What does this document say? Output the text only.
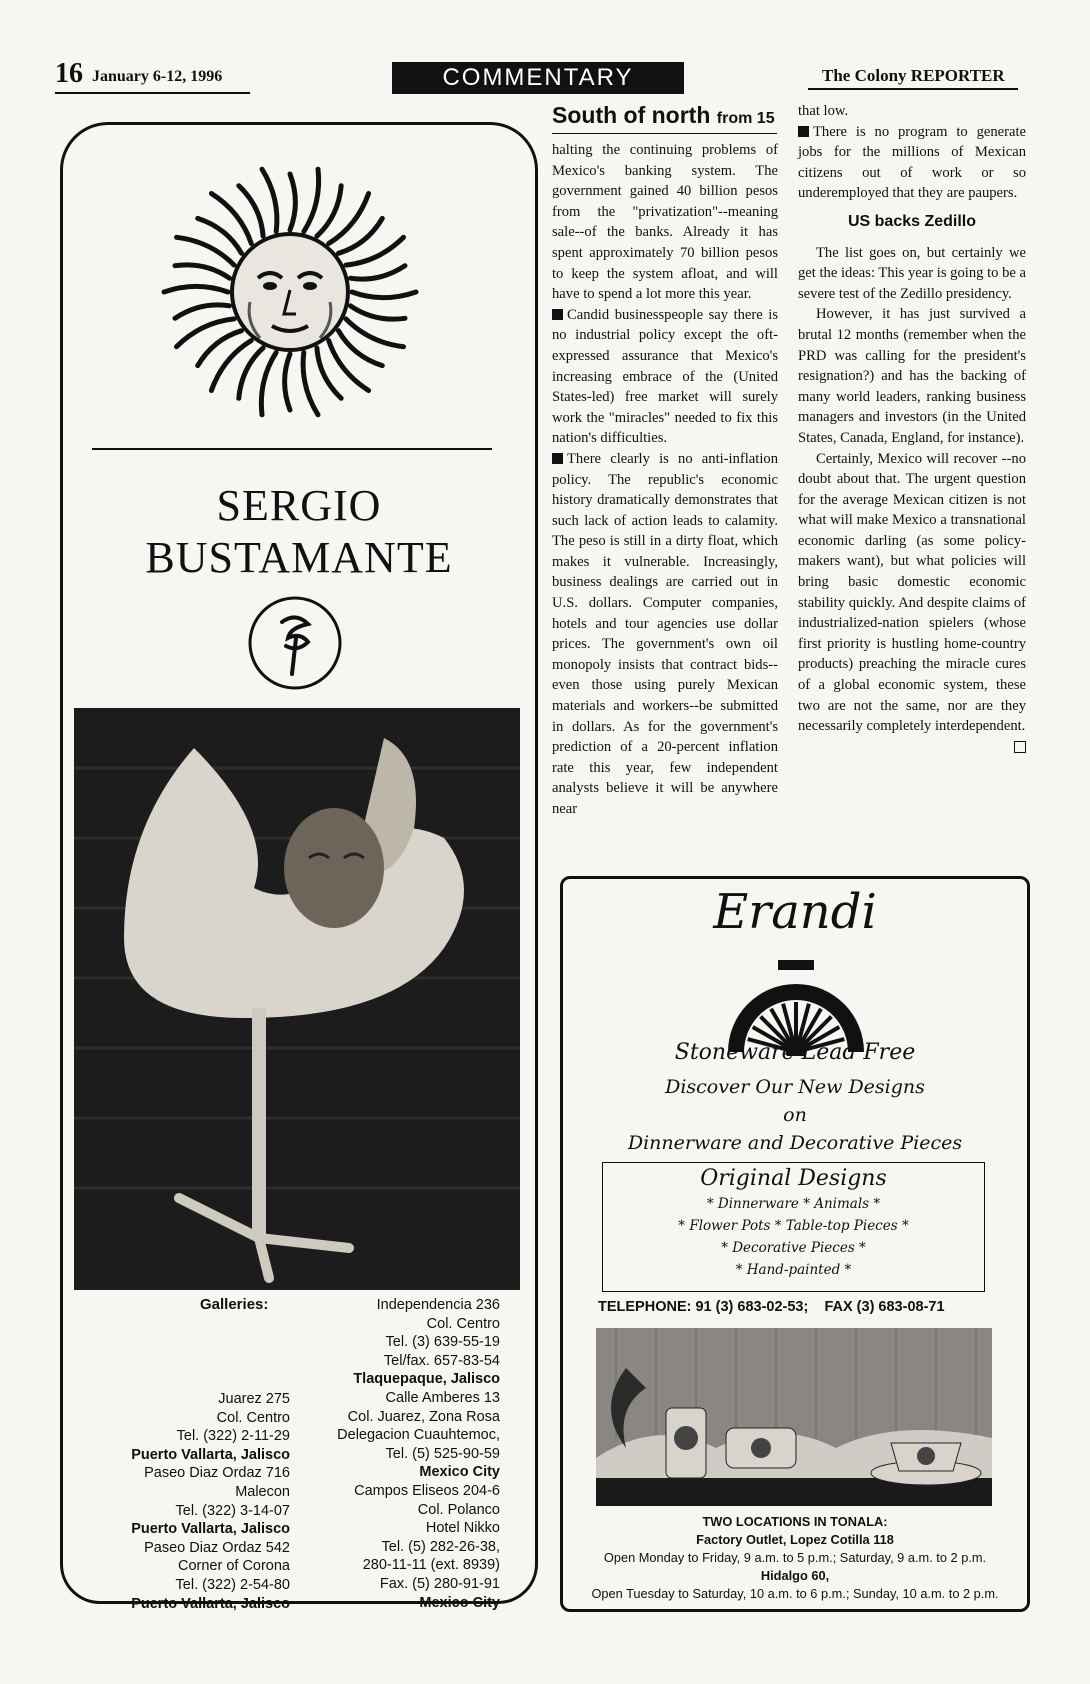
16 January 6-12, 1996	COMMENTARY	The Colony REPORTER
SERGIO
BUSTAMANTE
Galleries:
Juarez 275
Col. Centro
Tel. (322) 2-11-29
Puerto Vallarta, Jalisco
Paseo Diaz Ordaz 716
Malecon
Tel. (322) 3-14-07
Puerto Vallarta, Jalisco
Paseo Diaz Ordaz 542
Corner of Corona
Tel. (322) 2-54-80
Puerto Vallarta, Jalisco
Independencia 236
Col. Centro
Tel. (3) 639-55-19
Tel/fax. 657-83-54
Tlaquepaque, Jalisco
Calle Amberes 13
Col. Juarez, Zona Rosa
Delegacion Cuauhtemoc,
Tel. (5) 525-90-59
Mexico City
Campos Eliseos 204-6
Col. Polanco
Hotel Nikko
Tel. (5) 282-26-38,
280-11-11 (ext. 8939)
Fax. (5) 280-91-91
Mexico City
South of north from 15

halting the continuing problems of Mexico's banking system. The government gained 40 billion pesos from the "privatization"--meaning sale--of the banks. Already it has spent approximately 70 billion pesos to keep the system afloat, and will have to spend a lot more this year.

Candid businesspeople say there is no industrial policy except the oft-expressed assurance that Mexico's increasing embrace of the (United States-led) free market will surely work the "miracles" needed to fix this nation's difficulties.

There clearly is no anti-inflation policy. The republic's economic history dramatically demonstrates that such lack of action leads to calamity. The peso is still in a dirty float, which makes it vulnerable. Increasingly, business dealings are carried out in U.S. dollars. Computer companies, hotels and tour agencies use dollar prices. The government's own oil monopoly insists that contract bids--even those using purely Mexican materials and workers--be submitted in dollars. As for the government's prediction of a 20-percent inflation rate this year, few independent analysts believe it will be anywhere near

that low.

There is no program to generate jobs for the millions of Mexican citizens out of work or so underemployed that they are paupers.

US backs Zedillo

The list goes on, but certainly we get the ideas: This year is going to be a severe test of the Zedillo presidency.

However, it has just survived a brutal 12 months (remember when the PRD was calling for the president's resignation?) and has the backing of many world leaders, ranking business managers and investors (in the United States, Canada, England, for instance).

Certainly, Mexico will recover --no doubt about that. The urgent question for the average Mexican citizen is not what will make Mexico a transnational economic darling (as some policy-makers want), but what policies will bring basic domestic economic stability quickly. And despite claims of industrialized-nation spielers (whose first priority is hustling home-country products) preaching the miracle cures of a global economic system, these two are not the same, nor are they necessarily completely interdependent.

Erandi
Stoneware Lead Free
Discover Our New Designs
on
Dinnerware and Decorative Pieces
Original Designs
* Dinnerware * Animals *
* Flower Pots * Table-top Pieces *
* Decorative Pieces *
* Hand-painted *
TELEPHONE: 91 (3) 683-02-53; FAX (3) 683-08-71
TWO LOCATIONS IN TONALA:
Factory Outlet, Lopez Cotilla 118
Open Monday to Friday, 9 a.m. to 5 p.m.; Saturday, 9 a.m. to 2 p.m.
Hidalgo 60,
Open Tuesday to Saturday, 10 a.m. to 6 p.m.; Sunday, 10 a.m. to 2 p.m.
